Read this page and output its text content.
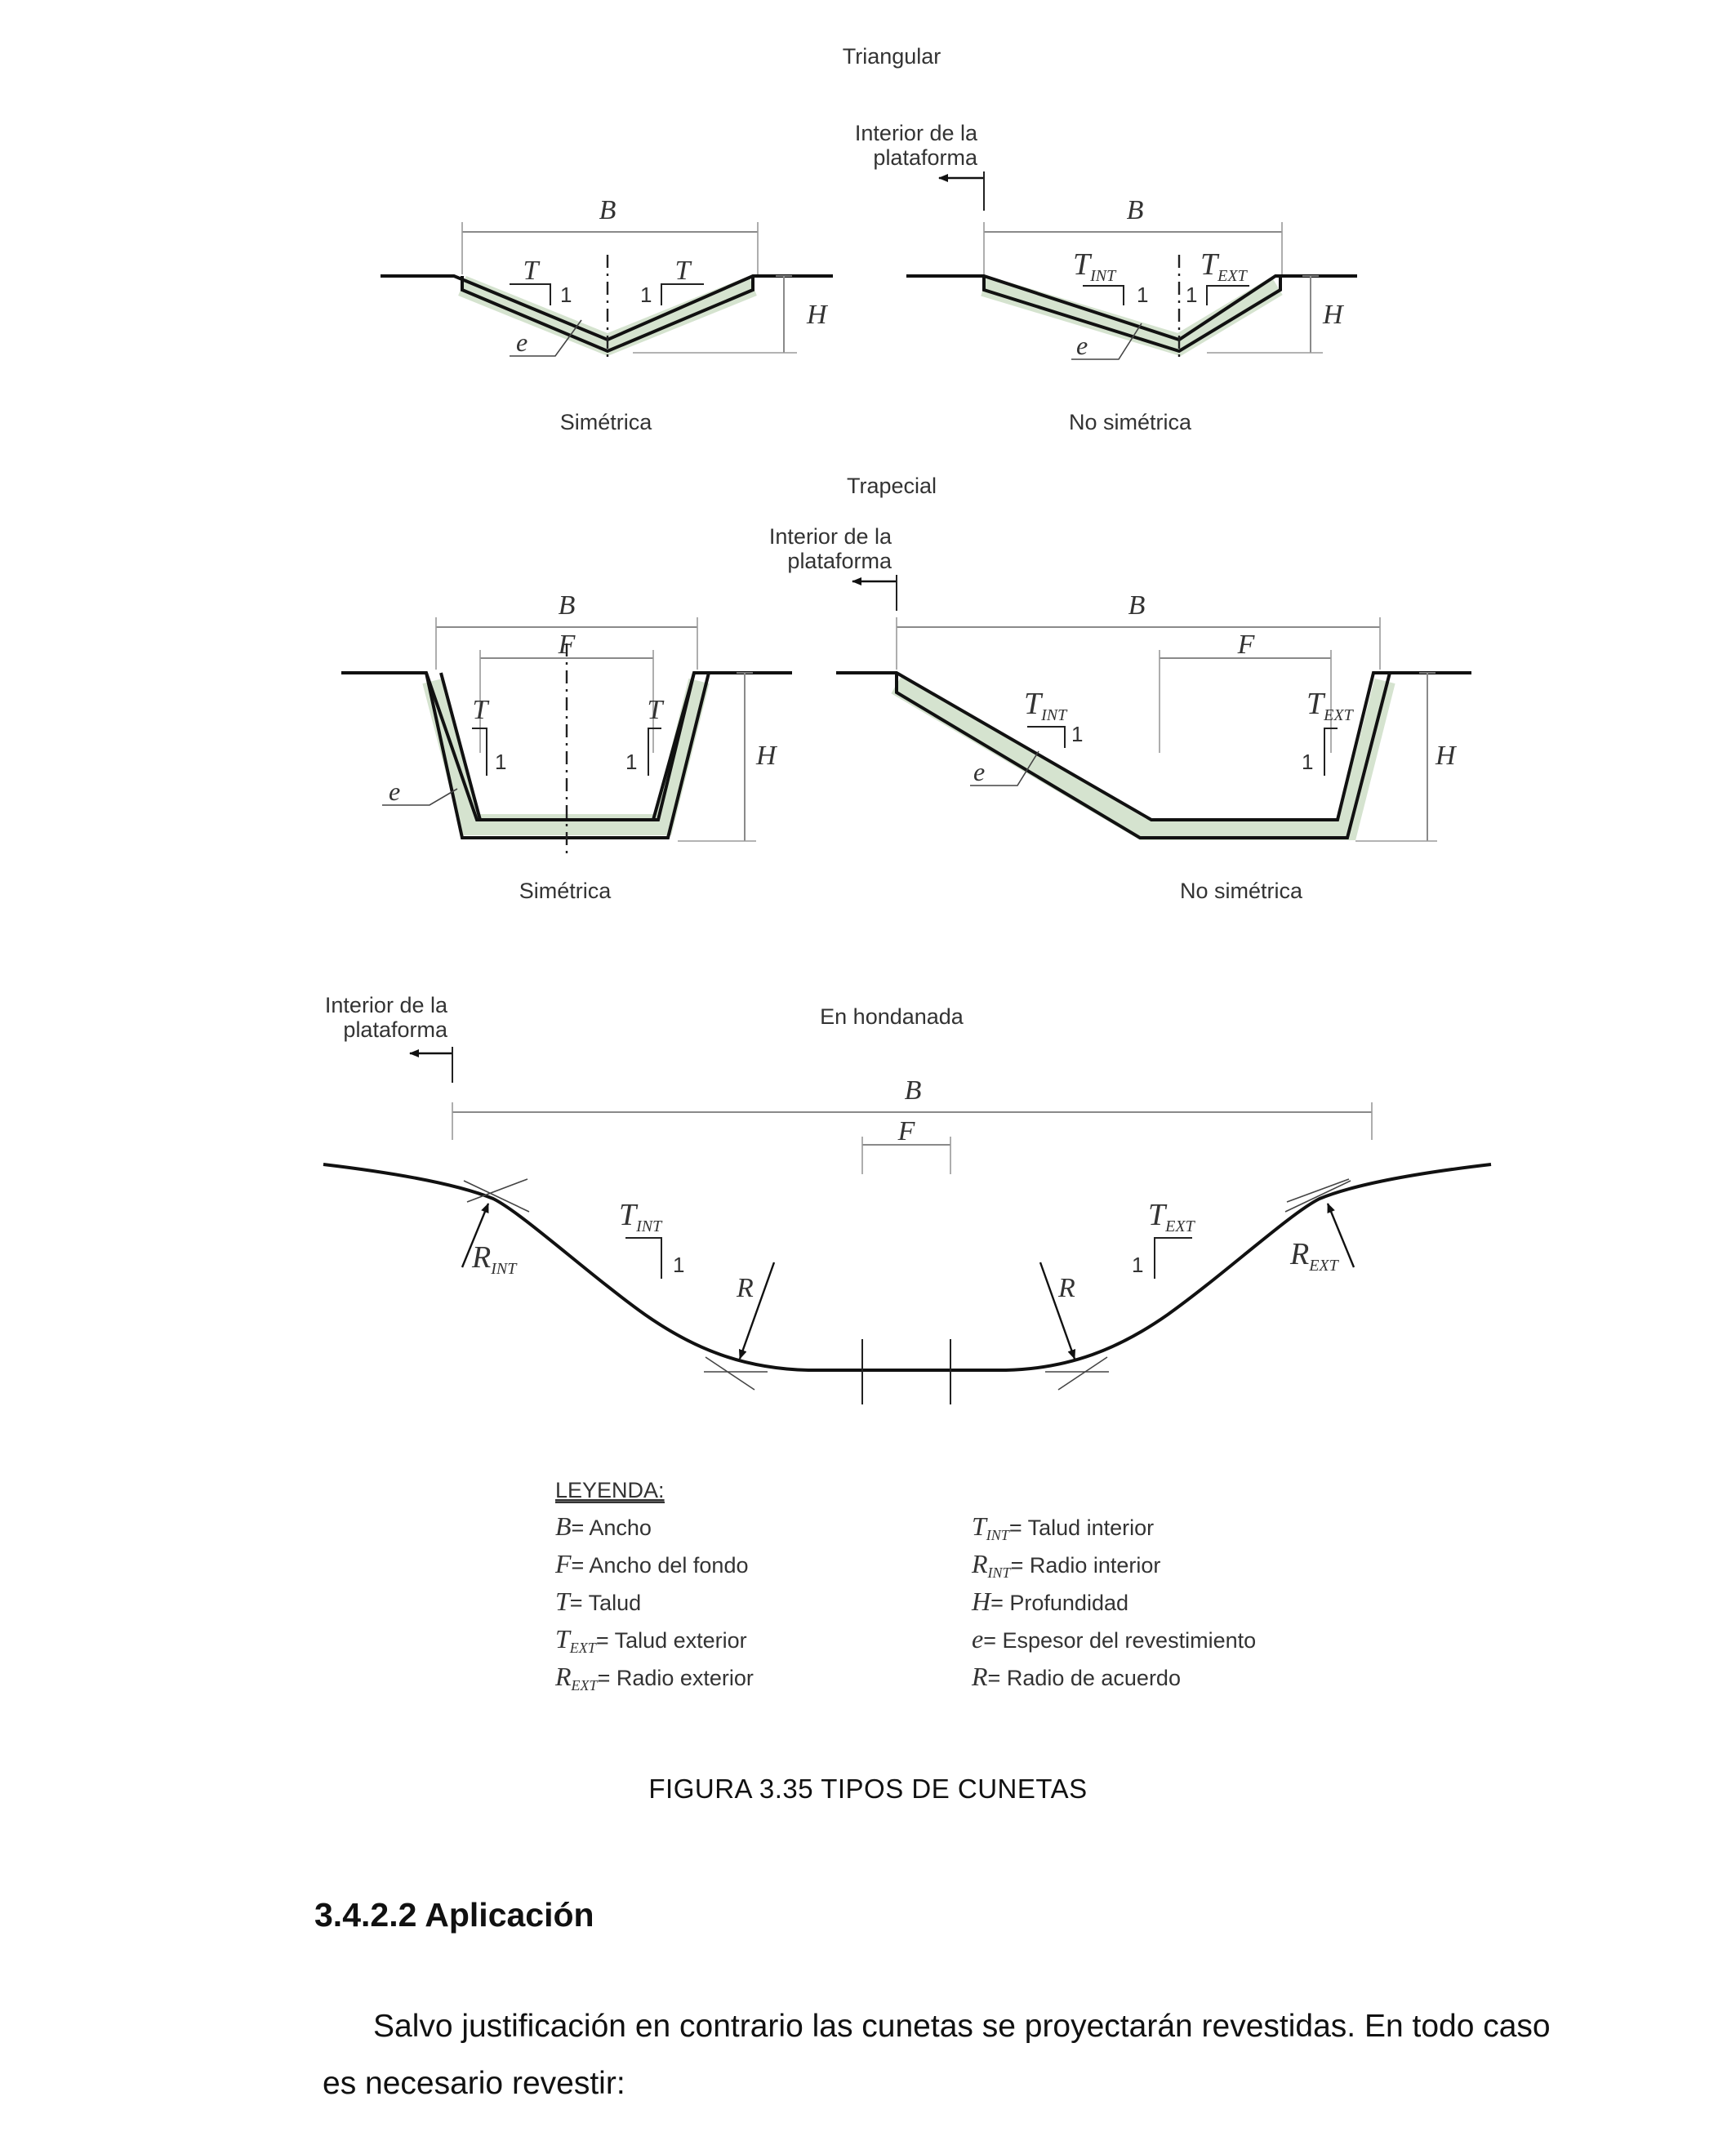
Triangular
B
H
T
1
T
1
e
Simétrica
Interior de la
plataforma
B
H
$T_{INT}$
1
$T_{EXT}$
1
e
No simétrica
Trapecial
B
F
H
T
1
T
1
e
Simétrica
Interior de la
plataforma
B
F
H
$T_{INT}$
1
$T_{EXT}$
1
e
No simétrica
En hondanada
Interior de la
plataforma
B
F
$R_{INT}$	$R_{EXT}$
R	R
$T_{INT}$
1
$T_{EXT}$
1
LEYENDA:
B= Ancho
F= Ancho del fondo
T= Talud
TEXT= Talud exterior
REXT= Radio exterior
TINT= Talud interior
RINT= Radio interior
H= Profundidad
e= Espesor del revestimiento
R= Radio de acuerdo
FIGURA 3.35 TIPOS DE CUNETAS
3.4.2.2 Aplicación

Salvo justificación en contrario las cunetas se proyectarán revestidas. En todo caso es necesario revestir:
